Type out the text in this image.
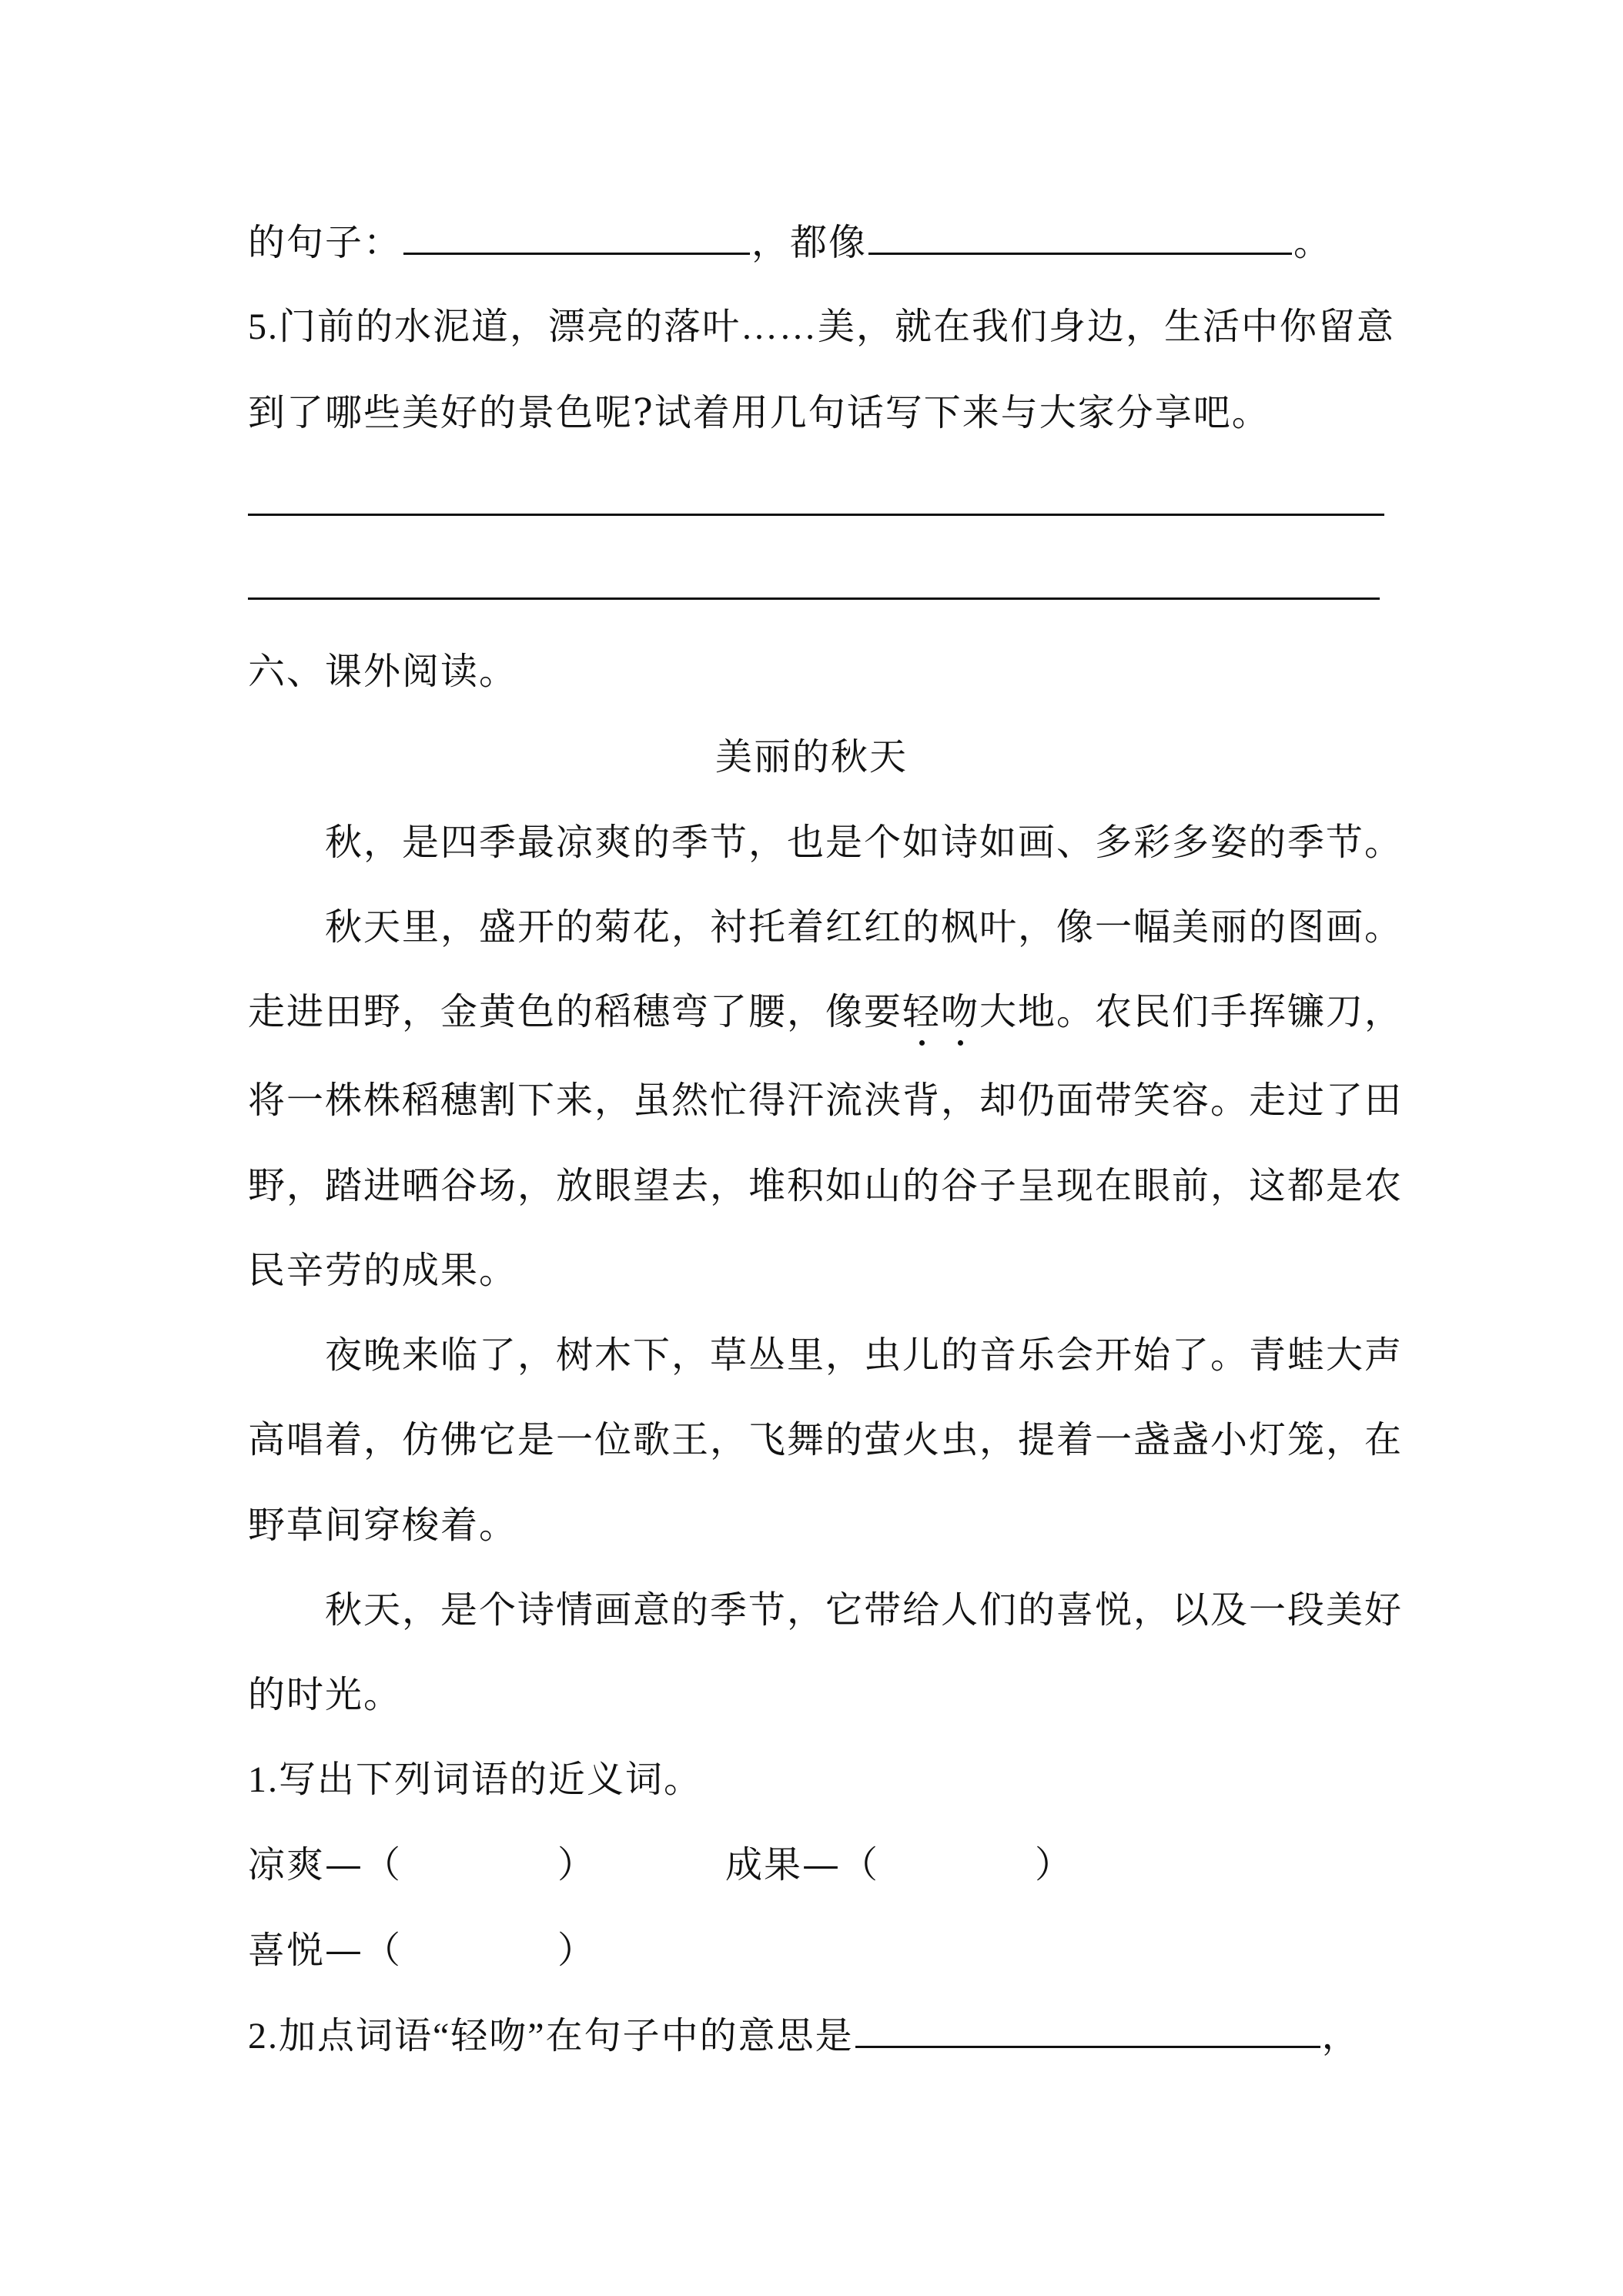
的句子：	，都像	。
5.门前的水泥道，漂亮的落叶……美，就在我们身边，生活中你留意
到了哪些美好的景色呢?试着用几句话写下来与大家分享吧。
六、课外阅读。
美丽的秋天
秋，是四季最凉爽的季节，也是个如诗如画、多彩多姿的季节。
秋天里，盛开的菊花，衬托着红红的枫叶，像一幅美丽的图画。
走进田野，金黄色的稻穗弯了腰，像要轻吻大地。农民们手挥镰刀，
将一株株稻穗割下来，虽然忙得汗流浃背，却仍面带笑容。走过了田
野，踏进晒谷场，放眼望去，堆积如山的谷子呈现在眼前，这都是农
民辛劳的成果。
夜晚来临了，树木下，草丛里，虫儿的音乐会开始了。青蛙大声
高唱着，仿佛它是一位歌王，飞舞的萤火虫，提着一盏盏小灯笼，在
野草间穿梭着。
秋天，是个诗情画意的季节，它带给人们的喜悦，以及一段美好
的时光。
1.写出下列词语的近义词。
凉爽—（	）	成果—（	）
喜悦—（	）
2.加点词语“轻吻”在句子中的意思是	，
